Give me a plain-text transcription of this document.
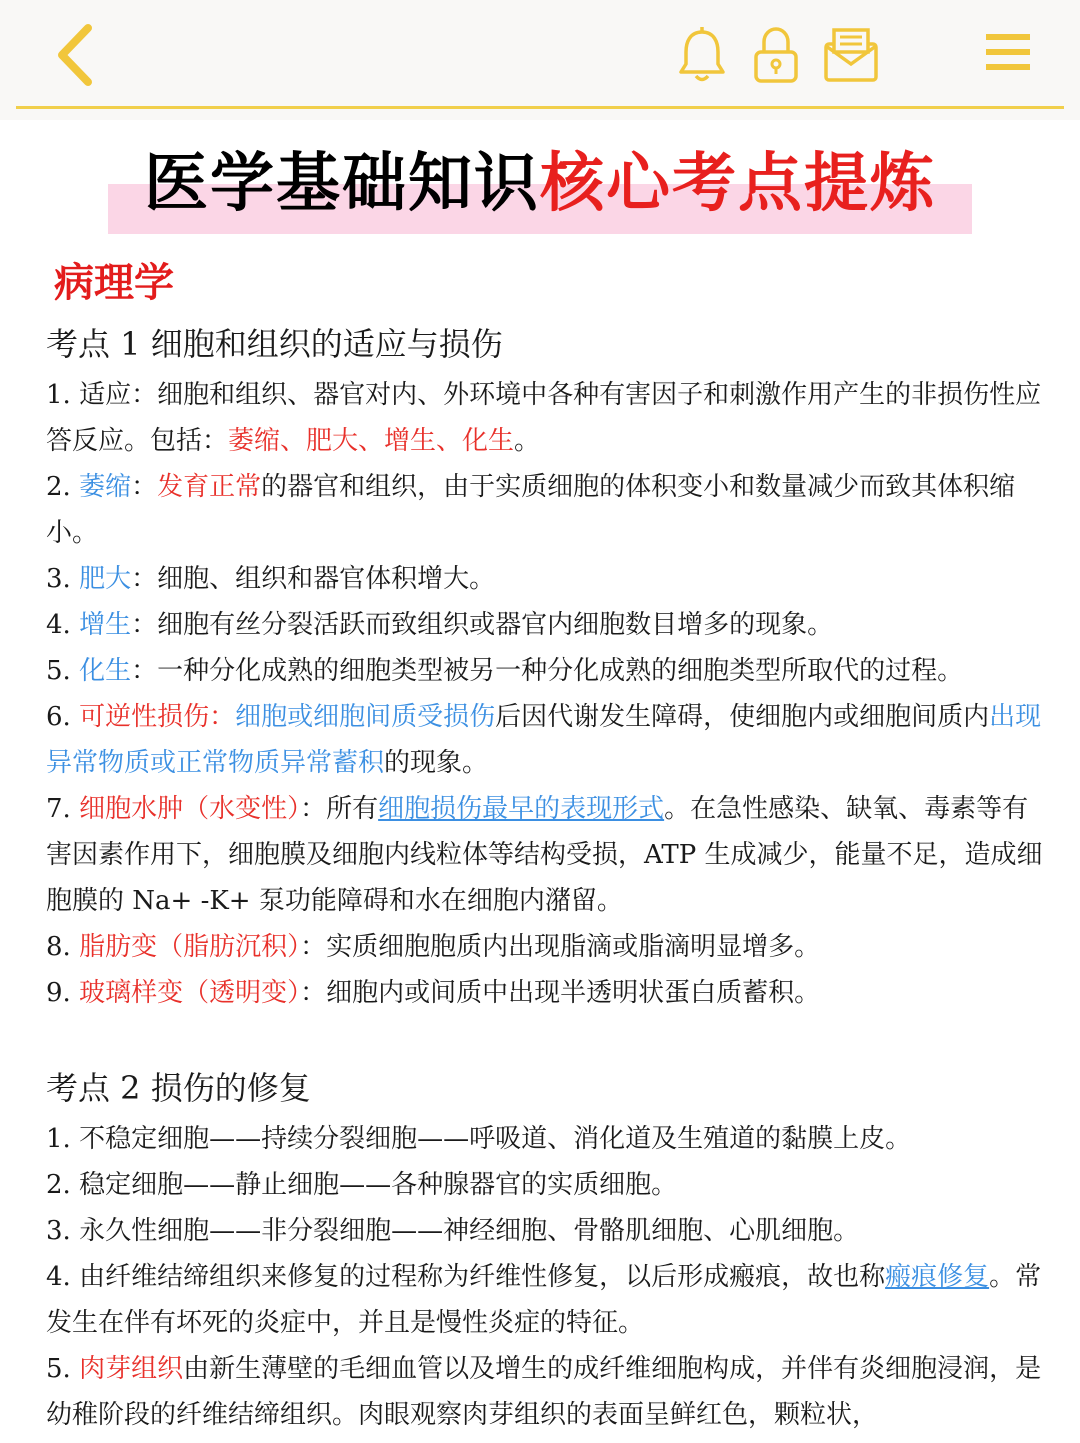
医学基础知识核心考点提炼
病理学
考点 1 细胞和组织的适应与损伤

1. 适应：细胞和组织、器官对内、外环境中各种有害因子和刺激作用产生的非损伤性应答反应。包括：萎缩、肥大、增生、化生。

2. 萎缩：发育正常的器官和组织，由于实质细胞的体积变小和数量减少而致其体积缩小。

3. 肥大：细胞、组织和器官体积增大。

4. 增生：细胞有丝分裂活跃而致组织或器官内细胞数目增多的现象。

5. 化生：一种分化成熟的细胞类型被另一种分化成熟的细胞类型所取代的过程。

6. 可逆性损伤：细胞或细胞间质受损伤后因代谢发生障碍，使细胞内或细胞间质内出现异常物质或正常物质异常蓄积的现象。

7. 细胞水肿（水变性）：所有细胞损伤最早的表现形式。在急性感染、缺氧、毒素等有害因素作用下，细胞膜及细胞内线粒体等结构受损，ATP 生成减少，能量不足，造成细胞膜的 Na+ -K+ 泵功能障碍和水在细胞内潴留。

8. 脂肪变（脂肪沉积）：实质细胞胞质内出现脂滴或脂滴明显增多。

9. 玻璃样变（透明变）：细胞内或间质中出现半透明状蛋白质蓄积。

考点 2 损伤的修复

1. 不稳定细胞——持续分裂细胞——呼吸道、消化道及生殖道的黏膜上皮。

2. 稳定细胞——静止细胞——各种腺器官的实质细胞。

3. 永久性细胞——非分裂细胞——神经细胞、骨骼肌细胞、心肌细胞。

4. 由纤维结缔组织来修复的过程称为纤维性修复，以后形成瘢痕，故也称瘢痕修复。常发生在伴有坏死的炎症中，并且是慢性炎症的特征。

5. 肉芽组织由新生薄壁的毛细血管以及增生的成纤维细胞构成，并伴有炎细胞浸润，是幼稚阶段的纤维结缔组织。肉眼观察肉芽组织的表面呈鲜红色，颗粒状，
